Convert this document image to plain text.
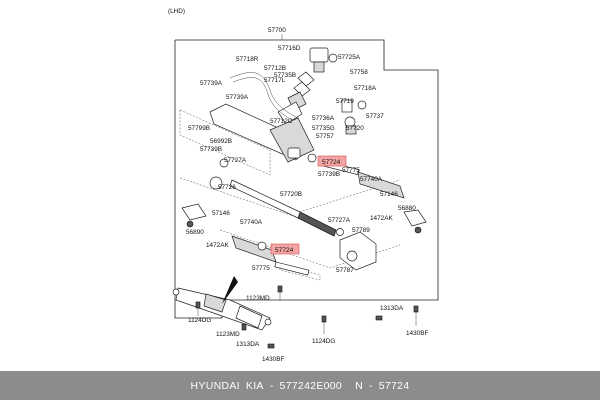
(LHD)
57700
57716D
57725A
57718R
57712B
57758
57739A	57717L
57735B
57739A
57718A
57719
57737
57720
57736A
57735G
57712C
57799B
56992B
57739B
57757
57739B
57727A
57775
57726
57720B
57740A
57146
57146
56880
1472AK
56890
57740A	57727A
1472AK
57789
57775	57787
1123MD
1124DG
1313DA
1430BF
1123MD
1313DA	1124DG
1430BF
57724
57724
HYUNDAI KIA - 577242E000 N - 57724
